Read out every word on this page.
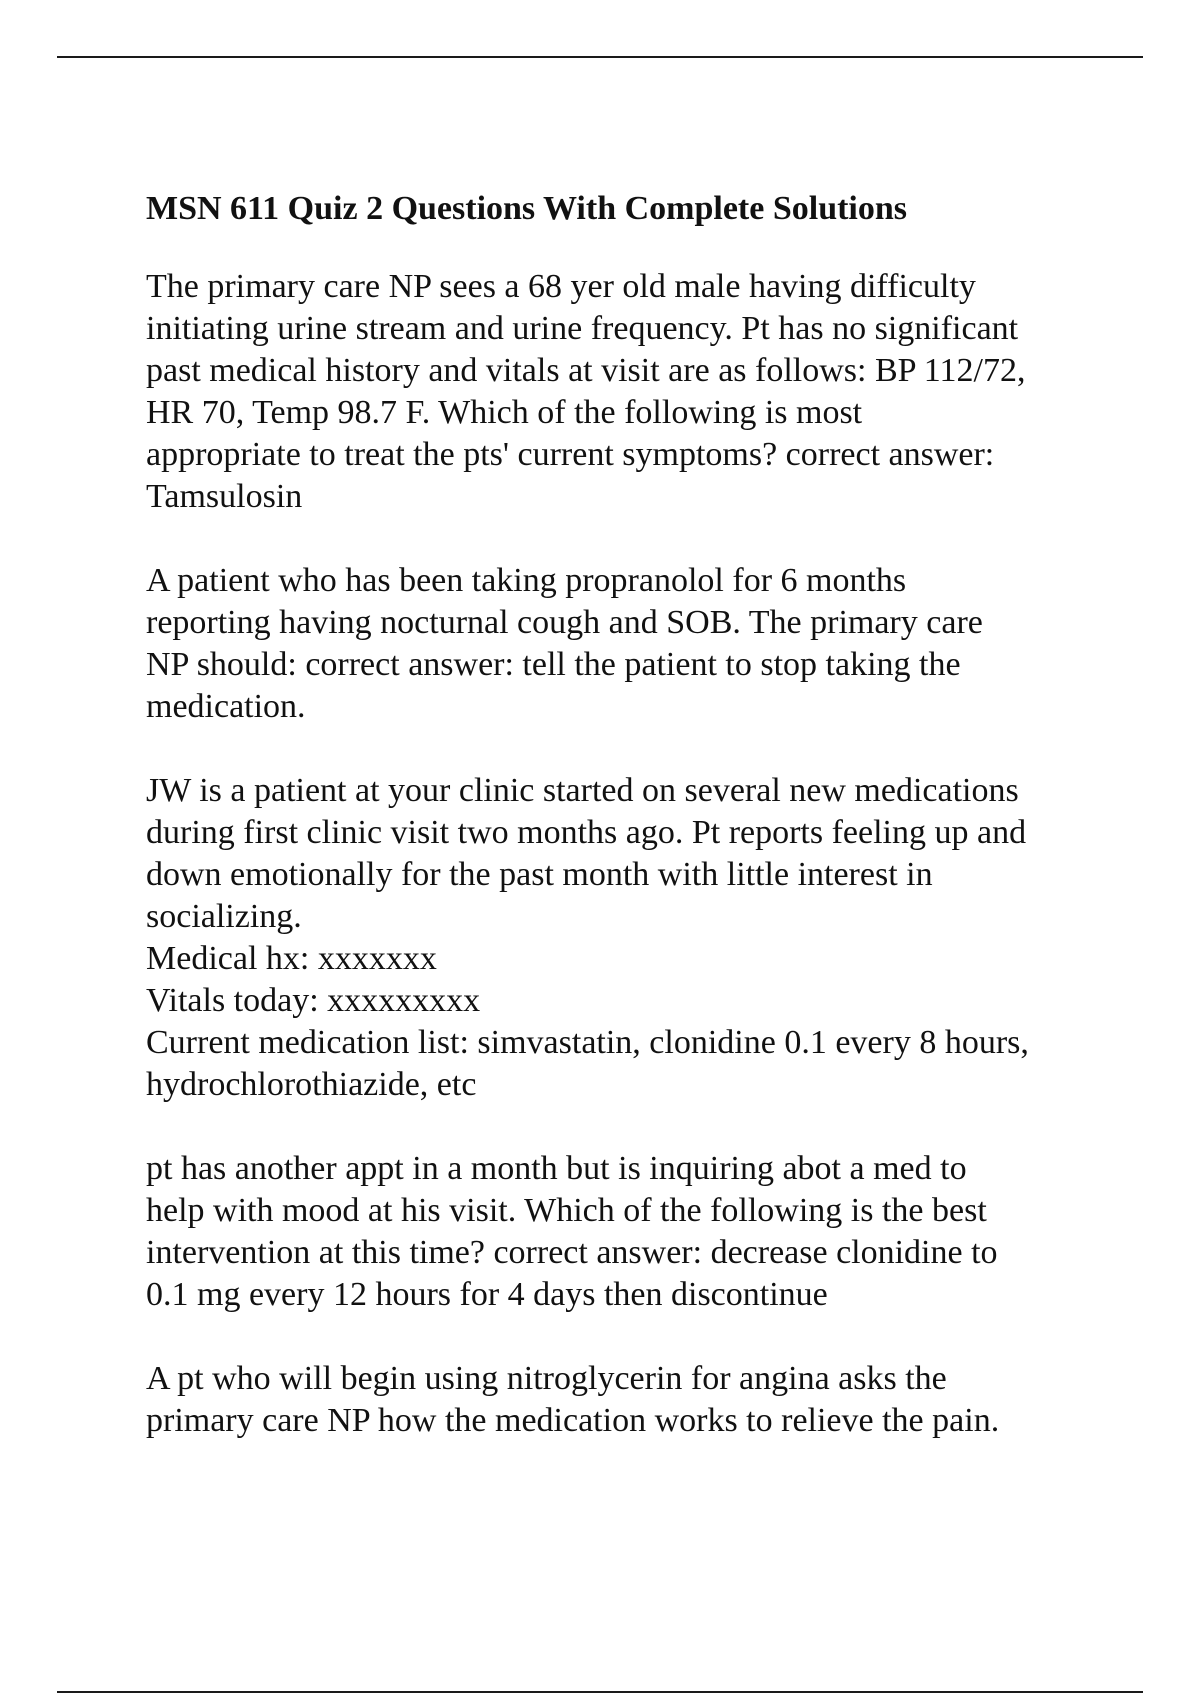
MSN 611 Quiz 2 Questions With Complete Solutions
The primary care NP sees a 68 yer old male having difficulty
initiating urine stream and urine frequency. Pt has no significant
past medical history and vitals at visit are as follows: BP 112/72,
HR 70, Temp 98.7 F. Which of the following is most
appropriate to treat the pts' current symptoms? correct answer:
Tamsulosin
A patient who has been taking propranolol for 6 months
reporting having nocturnal cough and SOB. The primary care
NP should: correct answer: tell the patient to stop taking the
medication.
JW is a patient at your clinic started on several new medications
during first clinic visit two months ago. Pt reports feeling up and
down emotionally for the past month with little interest in
socializing.
Medical hx: xxxxxxx
Vitals today: xxxxxxxxx
Current medication list: simvastatin, clonidine 0.1 every 8 hours,
hydrochlorothiazide, etc
pt has another appt in a month but is inquiring abot a med to
help with mood at his visit. Which of the following is the best
intervention at this time? correct answer: decrease clonidine to
0.1 mg every 12 hours for 4 days then discontinue
A pt who will begin using nitroglycerin for angina asks the
primary care NP how the medication works to relieve the pain.
